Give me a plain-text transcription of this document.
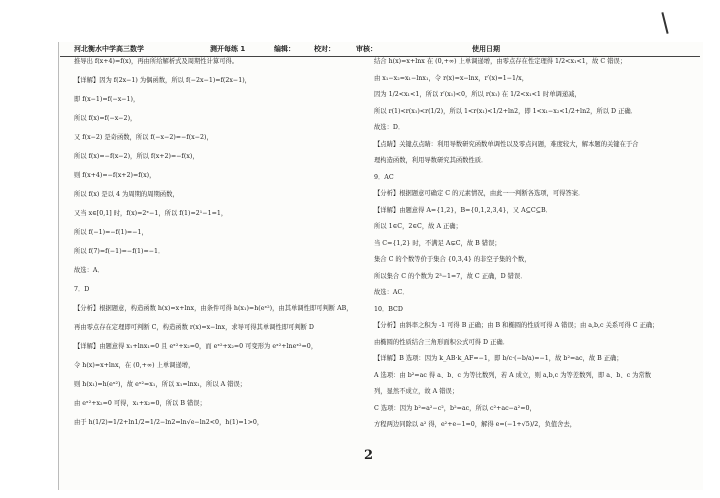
河北衡水中学高三数学	测开每练 1	编辑：	校对：	审核：	使用日期
推导出 f(x+4)=f(x)，再由所给解析式及周期性计算可得。
【详解】因为 f(2x−1) 为偶函数，所以 f(−2x−1)=f(2x−1)，
即 f(x−1)=f(−x−1)，
所以 f(x)=f(−x−2)，
又 f(x−2) 是奇函数，所以 f(−x−2)=−f(x−2)，
所以 f(x)=−f(x−2)，所以 f(x+2)=−f(x)，
则 f(x+4)=−f(x+2)=f(x)，
所以 f(x) 是以 4 为周期的周期函数，
又当 x∈[0,1] 时，f(x)=2ˣ−1，所以 f(1)=2¹−1=1，
所以 f(−1)=−f(1)=−1，
所以 f(7)=f(−1)=−f(1)=−1．
故选：A．
7．D
【分析】根据题意，构造函数 h(x)=x+lnx，由条件可得 h(x₁)=h(eˣ²)，由其单调性即可判断 AB，
再由零点存在定理即可判断 C，构造函数 r(x)=x−lnx，求导可得其单调性即可判断 D
【详解】由题意得 x₁+lnx₁=0 且 eˣ²+x₂=0，而 eˣ²+x₂=0 可变形为 eˣ²+lneˣ²=0，
令 h(x)=x+lnx，在 (0,+∞) 上单调递增，
则 h(x₁)=h(eˣ²)，故 eˣ²=x₁，所以 x₁=lnx₁，所以 A 错误；
由 eˣ²+x₂=0 可得，x₁+x₂=0，所以 B 错误；
由于 h(1/2)=1/2+ln1/2=1/2−ln2=ln√e−ln2<0，h(1)=1>0，
结合 h(x)=x+lnx 在 (0,+∞) 上单调递增，由零点存在性定理得 1/2<x₁<1，故 C 错误；
由 x₁−x₂=x₁−lnx₁，令 r(x)=x−lnx，r′(x)=1−1/x，
因为 1/2<x₁<1，所以 r′(x₁)<0，所以 r(x₁) 在 1/2<x₁<1 时单调递减，
所以 r(1)<r(x₁)<r(1/2)，所以 1<r(x₁)<1/2+ln2，即 1<x₁−x₂<1/2+ln2，所以 D 正确．
故选：D．
【点睛】关键点点睛：利用导数研究函数单调性以及零点问题，难度较大，解本题的关键在于合
理构造函数，利用导数研究其函数性质．
9．AC
【分析】根据题意可确定 C 的元素情况，由此一一判断各选项，可得答案．
【详解】由题意得 A={1,2}，B={0,1,2,3,4}，又 A⊆C⊆B．
所以 1∈C，2∈C，故 A 正确；
当 C={1,2} 时，不满足 A⊊C，故 B 错误；
集合 C 的个数等价于集合 {0,3,4} 的非空子集的个数，
所以集合 C 的个数为 2³−1=7，故 C 正确，D 错误．
故选：AC．
10．BCD
【分析】由斜率之积为 -1 可得 B 正确；由 B 和椭圆的性质可得 A 错误；由 a,b,c 关系可得 C 正确；
由椭圆的性质结合三角形面积公式可得 D 正确．
【详解】B 选项：因为 k_AB·k_AF=−1，即 b/c·(−b/a)=−1，故 b²=ac，故 B 正确；
A 选项：由 b²=ac 得 a、b、c 为等比数列，若 A 成立，则 a,b,c 为等差数列，即 a、b、c 为常数
列，显然不成立，故 A 错误；
C 选项：因为 b²=a²−c²，b²=ac，所以 c²+ac−a²=0，
方程两边同除以 a² 得，e²+e−1=0，解得 e=(−1+√5)/2，负值舍去，
2
